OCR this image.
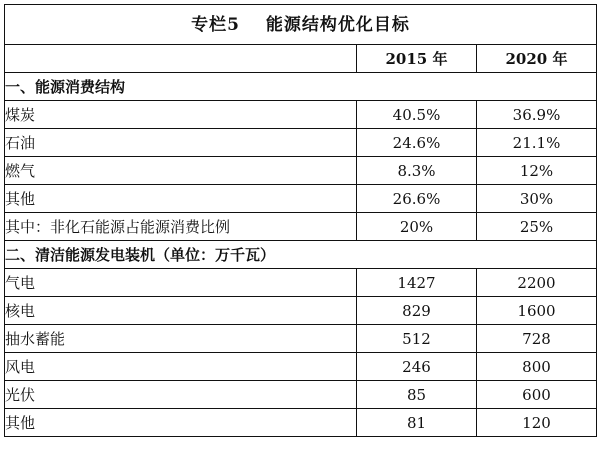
专栏5 能源结构优化目标		
	2015 年	2020 年
一、能源消费结构		
煤炭	40.5%	36.9%
石油	24.6%	21.1%
燃气	8.3%	12%
其他	26.6%	30%
其中：非化石能源占能源消费比例	20%	25%
二、清洁能源发电装机（单位：万千瓦）		
气电	1427	2200
核电	829	1600
抽水蓄能	512	728
风电	246	800
光伏	85	600
其他	81	120
